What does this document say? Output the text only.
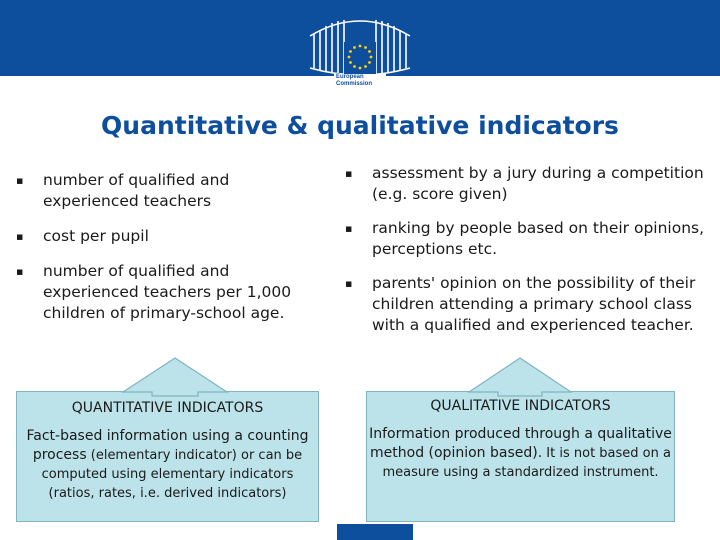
European
Commission
Quantitative & qualitative indicators
▪ number of qualified and experienced teachers
▪ cost per pupil
▪ number of qualified and experienced teachers per 1,000 children of primary-school age.
▪ assessment by a jury during a competition (e.g. score given)
▪ ranking by people based on their opinions, perceptions etc.
▪ parents' opinion on the possibility of their children attending a primary school class with a qualified and experienced teacher.
QUANTITATIVE INDICATORS
Fact-based information using a counting process (elementary indicator) or can be computed using elementary indicators (ratios, rates, i.e. derived indicators)
QUALITATIVE INDICATORS
Information produced through a qualitative method (opinion based). It is not based on a measure using a standardized instrument.
